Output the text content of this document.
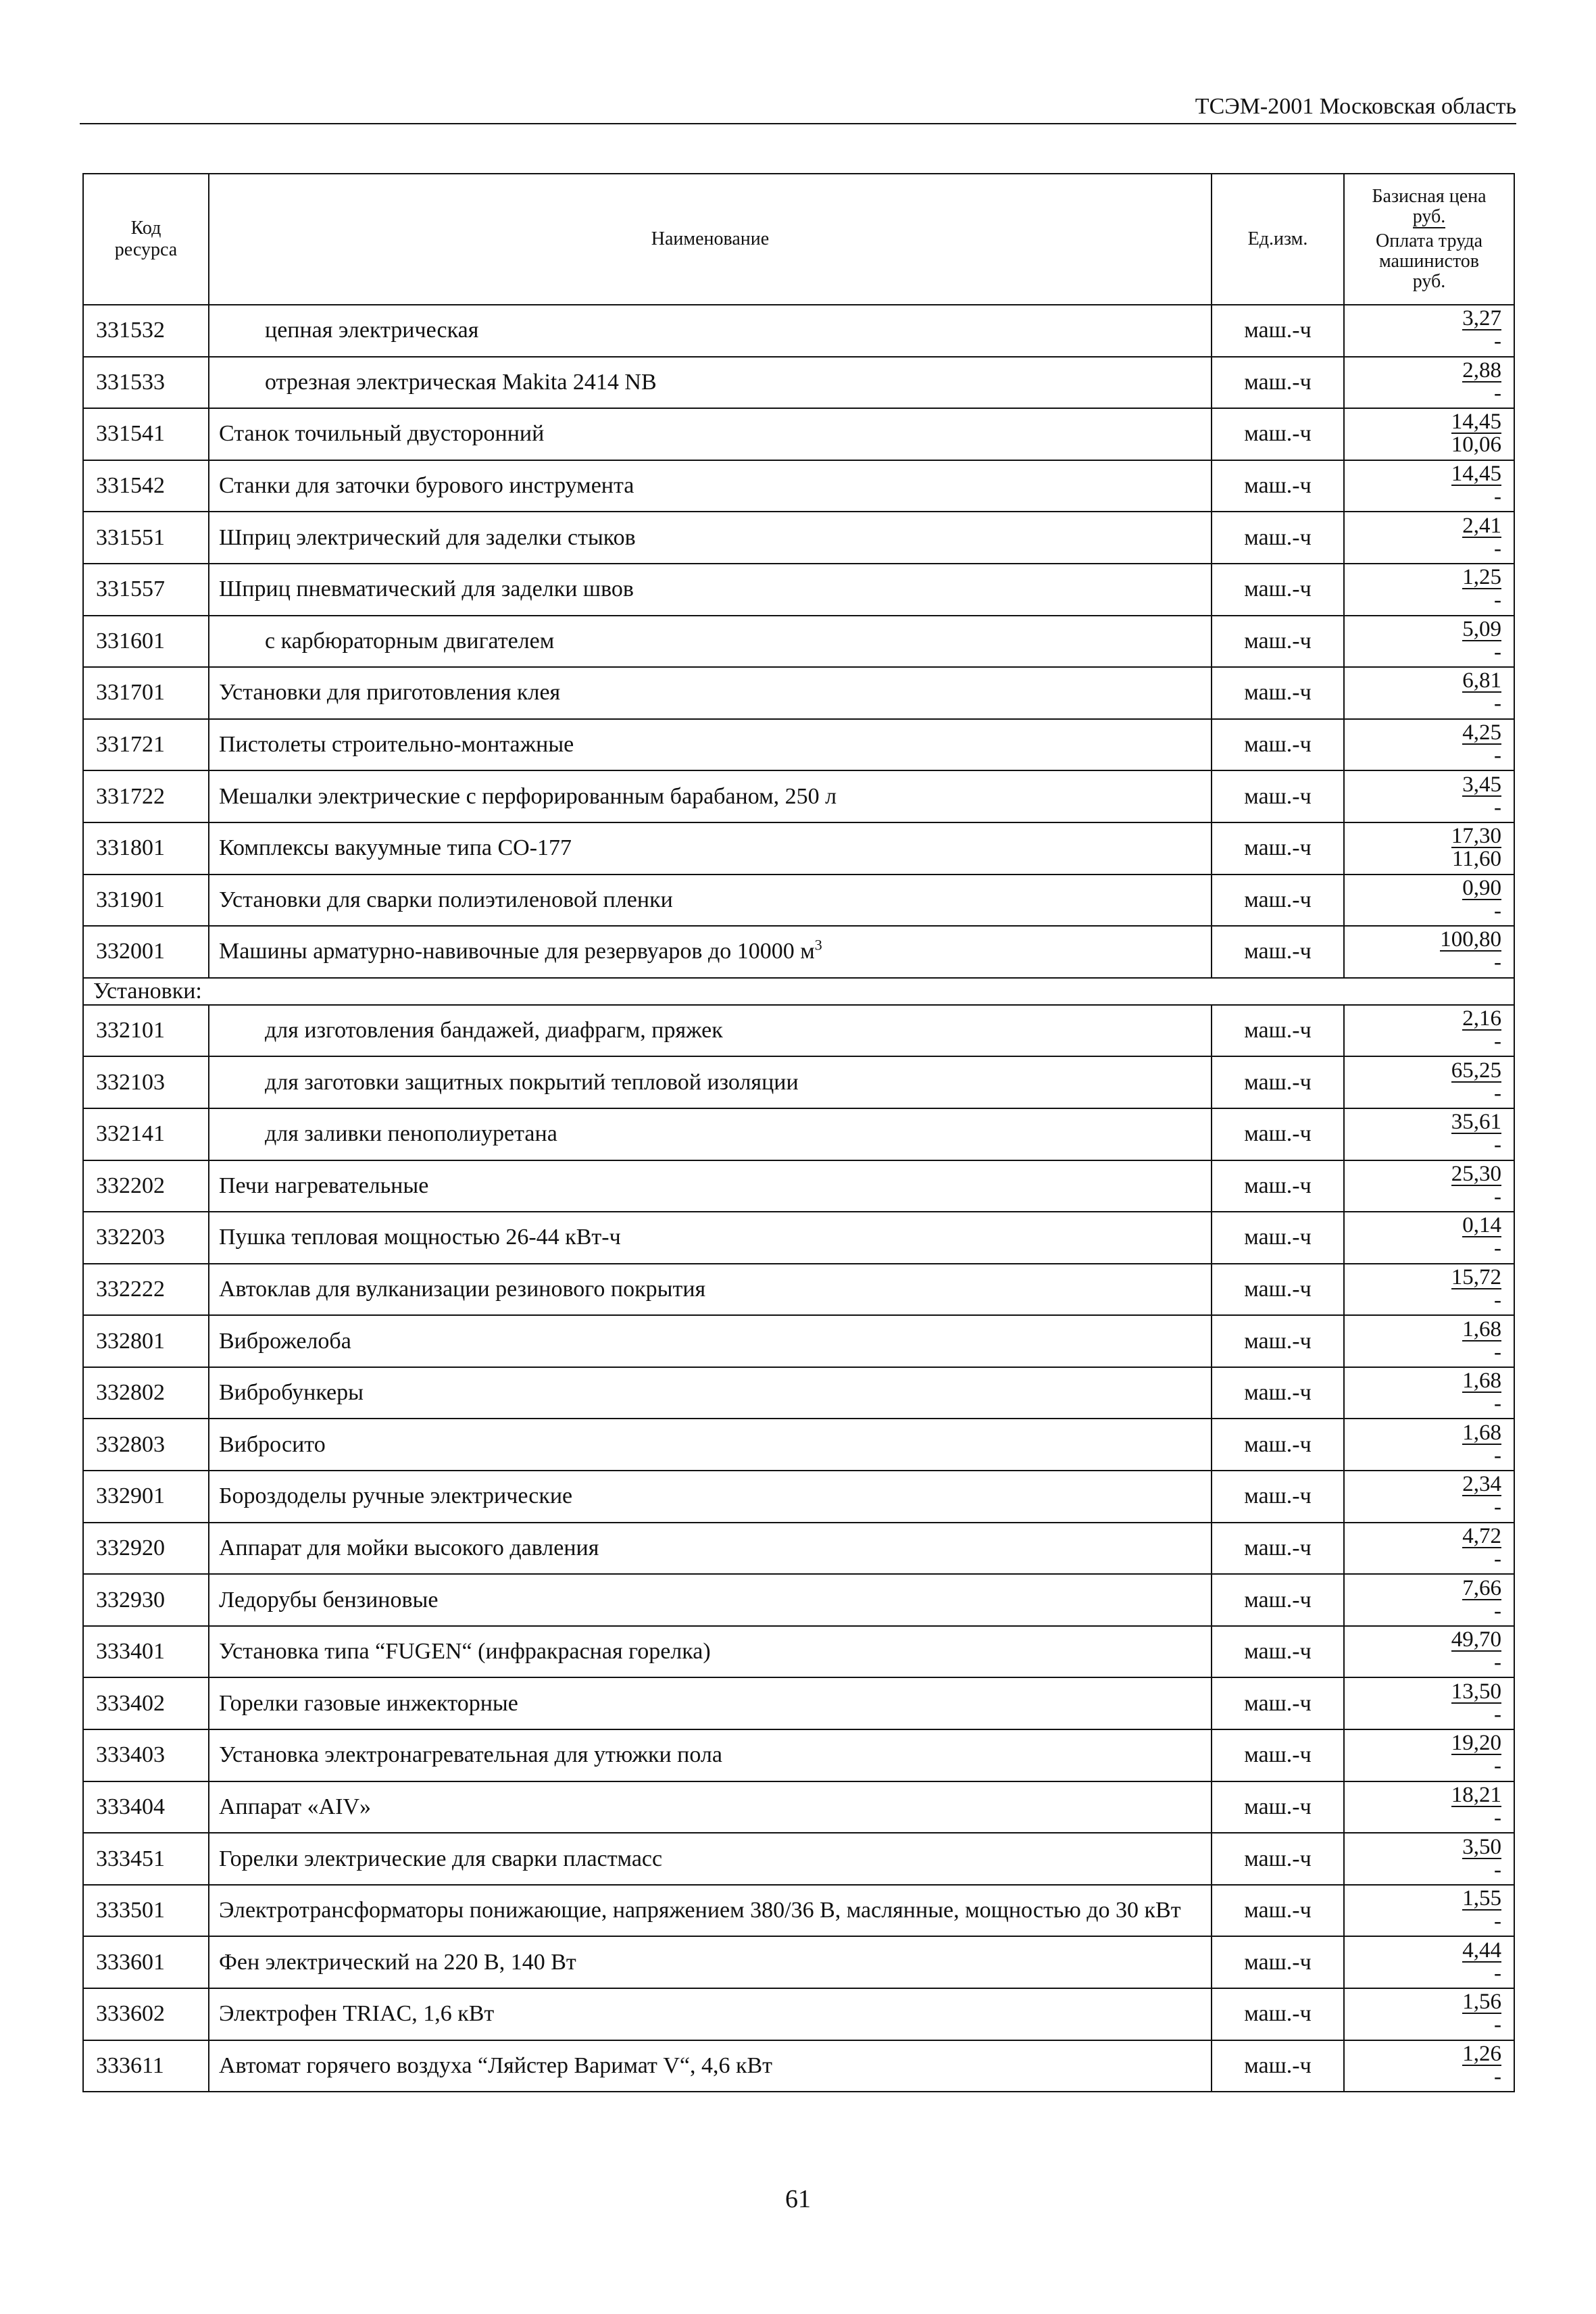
ТСЭМ-2001 Московская область
Код ресурса	Наименование	Ед.изм.	Базисная цена
руб.
Оплата труда машинистов
руб.

331532	цепная электрическая	маш.-ч	$\frac{3,27}{-}$

331533	отрезная электрическая Makita 2414 NB	маш.-ч	$\frac{2,88}{-}$

331541	Станок точильный двусторонний	маш.-ч	$\frac{14,45}{10,06}$

331542	Станки для заточки бурового инструмента	маш.-ч	$\frac{14,45}{-}$

331551	Шприц электрический для заделки стыков	маш.-ч	$\frac{2,41}{-}$

331557	Шприц пневматический для заделки швов	маш.-ч	$\frac{1,25}{-}$

331601	с карбюраторным двигателем	маш.-ч	$\frac{5,09}{-}$

331701	Установки для приготовления клея	маш.-ч	$\frac{6,81}{-}$

331721	Пистолеты строительно-монтажные	маш.-ч	$\frac{4,25}{-}$

331722	Мешалки электрические с перфорированным барабаном, 250 л	маш.-ч	$\frac{3,45}{-}$

331801	Комплексы вакуумные типа СО-177	маш.-ч	$\frac{17,30}{11,60}$

331901	Установки для сварки полиэтиленовой пленки	маш.-ч	$\frac{0,90}{-}$

332001	Машины арматурно-навивочные для резервуаров до 10000 $м^3$	маш.-ч	$\frac{100,80}{-}$

Установки:			
332101	для изготовления бандажей, диафрагм, пряжек	маш.-ч	$\frac{2,16}{-}$

332103	для заготовки защитных покрытий тепловой изоляции	маш.-ч	$\frac{65,25}{-}$

332141	для заливки пенополиуретана	маш.-ч	$\frac{35,61}{-}$

332202	Печи нагревательные	маш.-ч	$\frac{25,30}{-}$

332203	Пушка тепловая мощностью 26-44 кВт-ч	маш.-ч	$\frac{0,14}{-}$

332222	Автоклав для вулканизации резинового покрытия	маш.-ч	$\frac{15,72}{-}$

332801	Виброжелоба	маш.-ч	$\frac{1,68}{-}$

332802	Вибробункеры	маш.-ч	$\frac{1,68}{-}$

332803	Вибросито	маш.-ч	$\frac{1,68}{-}$

332901	Бороздоделы ручные электрические	маш.-ч	$\frac{2,34}{-}$

332920	Аппарат для мойки высокого давления	маш.-ч	$\frac{4,72}{-}$

332930	Ледорубы бензиновые	маш.-ч	$\frac{7,66}{-}$

333401	Установка типа “FUGEN“ (инфракрасная горелка)	маш.-ч	$\frac{49,70}{-}$

333402	Горелки газовые инжекторные	маш.-ч	$\frac{13,50}{-}$

333403	Установка электронагревательная для утюжки пола	маш.-ч	$\frac{19,20}{-}$

333404	Аппарат «AIV»	маш.-ч	$\frac{18,21}{-}$

333451	Горелки электрические для сварки пластмасс	маш.-ч	$\frac{3,50}{-}$

333501	Электротрансформаторы понижающие, напряжением 380/36 В, маслянные, мощностью до 30 кВт	маш.-ч	$\frac{1,55}{-}$

333601	Фен электрический на 220 В, 140 Вт	маш.-ч	$\frac{4,44}{-}$

333602	Электрофен TRIAC, 1,6 кВт	маш.-ч	$\frac{1,56}{-}$

333611	Автомат горячего воздуха “Ляйстер Варимат V“, 4,6 кВт	маш.-ч	$\frac{1,26}{-}$
61
